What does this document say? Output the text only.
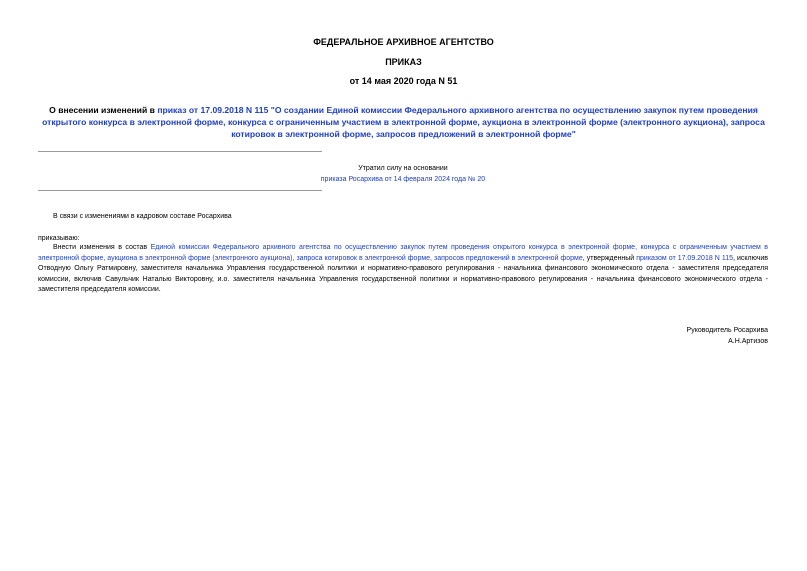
ФЕДЕРАЛЬНОЕ АРХИВНОЕ АГЕНТСТВО
ПРИКАЗ
от 14 мая 2020 года N 51
О внесении изменений в приказ от 17.09.2018 N 115 "О создании Единой комиссии Федерального архивного агентства по осуществлению закупок путем проведения открытого конкурса в электронной форме, конкурса с ограниченным участием в электронной форме, аукциона в электронной форме (электронного аукциона), запроса котировок в электронной форме, запросов предложений в электронной форме"
Утратил силу на основании
приказа Росархива от 14 февраля 2024 года № 20
В связи с изменениями в кадровом составе Росархива
приказываю:
Внести изменения в состав Единой комиссии Федерального архивного агентства по осуществлению закупок путем проведения открытого конкурса в электронной форме, конкурса с ограниченным участием в электронной форме, аукциона в электронной форме (электронного аукциона), запроса котировок в электронной форме, запросов предложений в электронной форме, утвержденный приказом от 17.09.2018 N 115, исключив Отводную Ольгу Ратмировну, заместителя начальника Управления государственной политики и нормативно-правового регулирования - начальника финансового экономического отдела - заместителя председателя комиссии, включив Савульчик Наталью Викторовну, и.о. заместителя начальника Управления государственной политики и нормативно-правового регулирования - начальника финансового экономического отдела - заместителя председателя комиссии.
Руководитель Росархива
А.Н.Артизов
